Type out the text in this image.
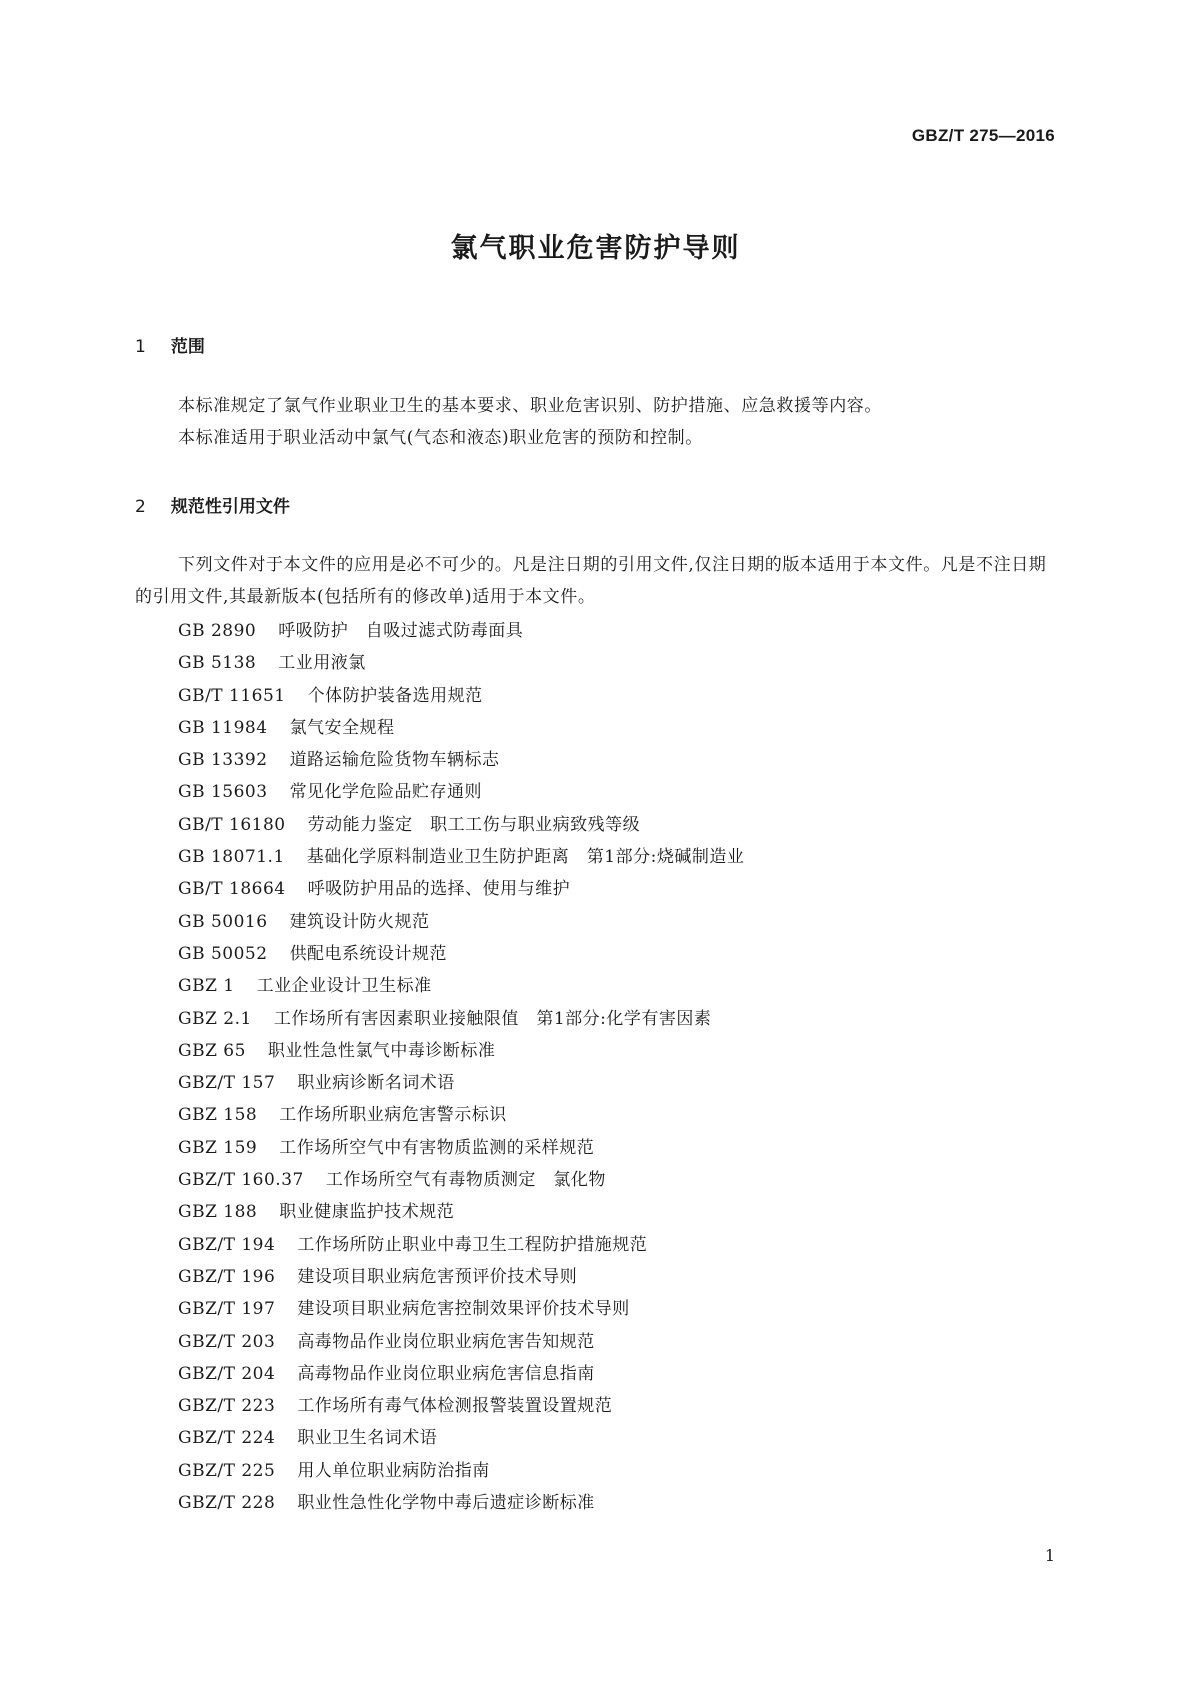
GBZ/T 275—2016
氯气职业危害防护导则
1 范围

本标准规定了氯气作业职业卫生的基本要求、职业危害识别、防护措施、应急救援等内容。

本标准适用于职业活动中氯气(气态和液态)职业危害的预防和控制。

2 规范性引用文件

下列文件对于本文件的应用是必不可少的。凡是注日期的引用文件,仅注日期的版本适用于本文件。凡是不注日期的引用文件,其最新版本(包括所有的修改单)适用于本文件。

GB 2890 呼吸防护　自吸过滤式防毒面具
GB 5138 工业用液氯
GB/T 11651 个体防护装备选用规范
GB 11984 氯气安全规程
GB 13392 道路运输危险货物车辆标志
GB 15603 常见化学危险品贮存通则
GB/T 16180 劳动能力鉴定　职工工伤与职业病致残等级
GB 18071.1 基础化学原料制造业卫生防护距离　第1部分:烧碱制造业
GB/T 18664 呼吸防护用品的选择、使用与维护
GB 50016 建筑设计防火规范
GB 50052 供配电系统设计规范
GBZ 1 工业企业设计卫生标准
GBZ 2.1 工作场所有害因素职业接触限值　第1部分:化学有害因素
GBZ 65 职业性急性氯气中毒诊断标准
GBZ/T 157 职业病诊断名词术语
GBZ 158 工作场所职业病危害警示标识
GBZ 159 工作场所空气中有害物质监测的采样规范
GBZ/T 160.37 工作场所空气有毒物质测定　氯化物
GBZ 188 职业健康监护技术规范
GBZ/T 194 工作场所防止职业中毒卫生工程防护措施规范
GBZ/T 196 建设项目职业病危害预评价技术导则
GBZ/T 197 建设项目职业病危害控制效果评价技术导则
GBZ/T 203 高毒物品作业岗位职业病危害告知规范
GBZ/T 204 高毒物品作业岗位职业病危害信息指南
GBZ/T 223 工作场所有毒气体检测报警装置设置规范
GBZ/T 224 职业卫生名词术语
GBZ/T 225 用人单位职业病防治指南
GBZ/T 228 职业性急性化学物中毒后遗症诊断标准
1
